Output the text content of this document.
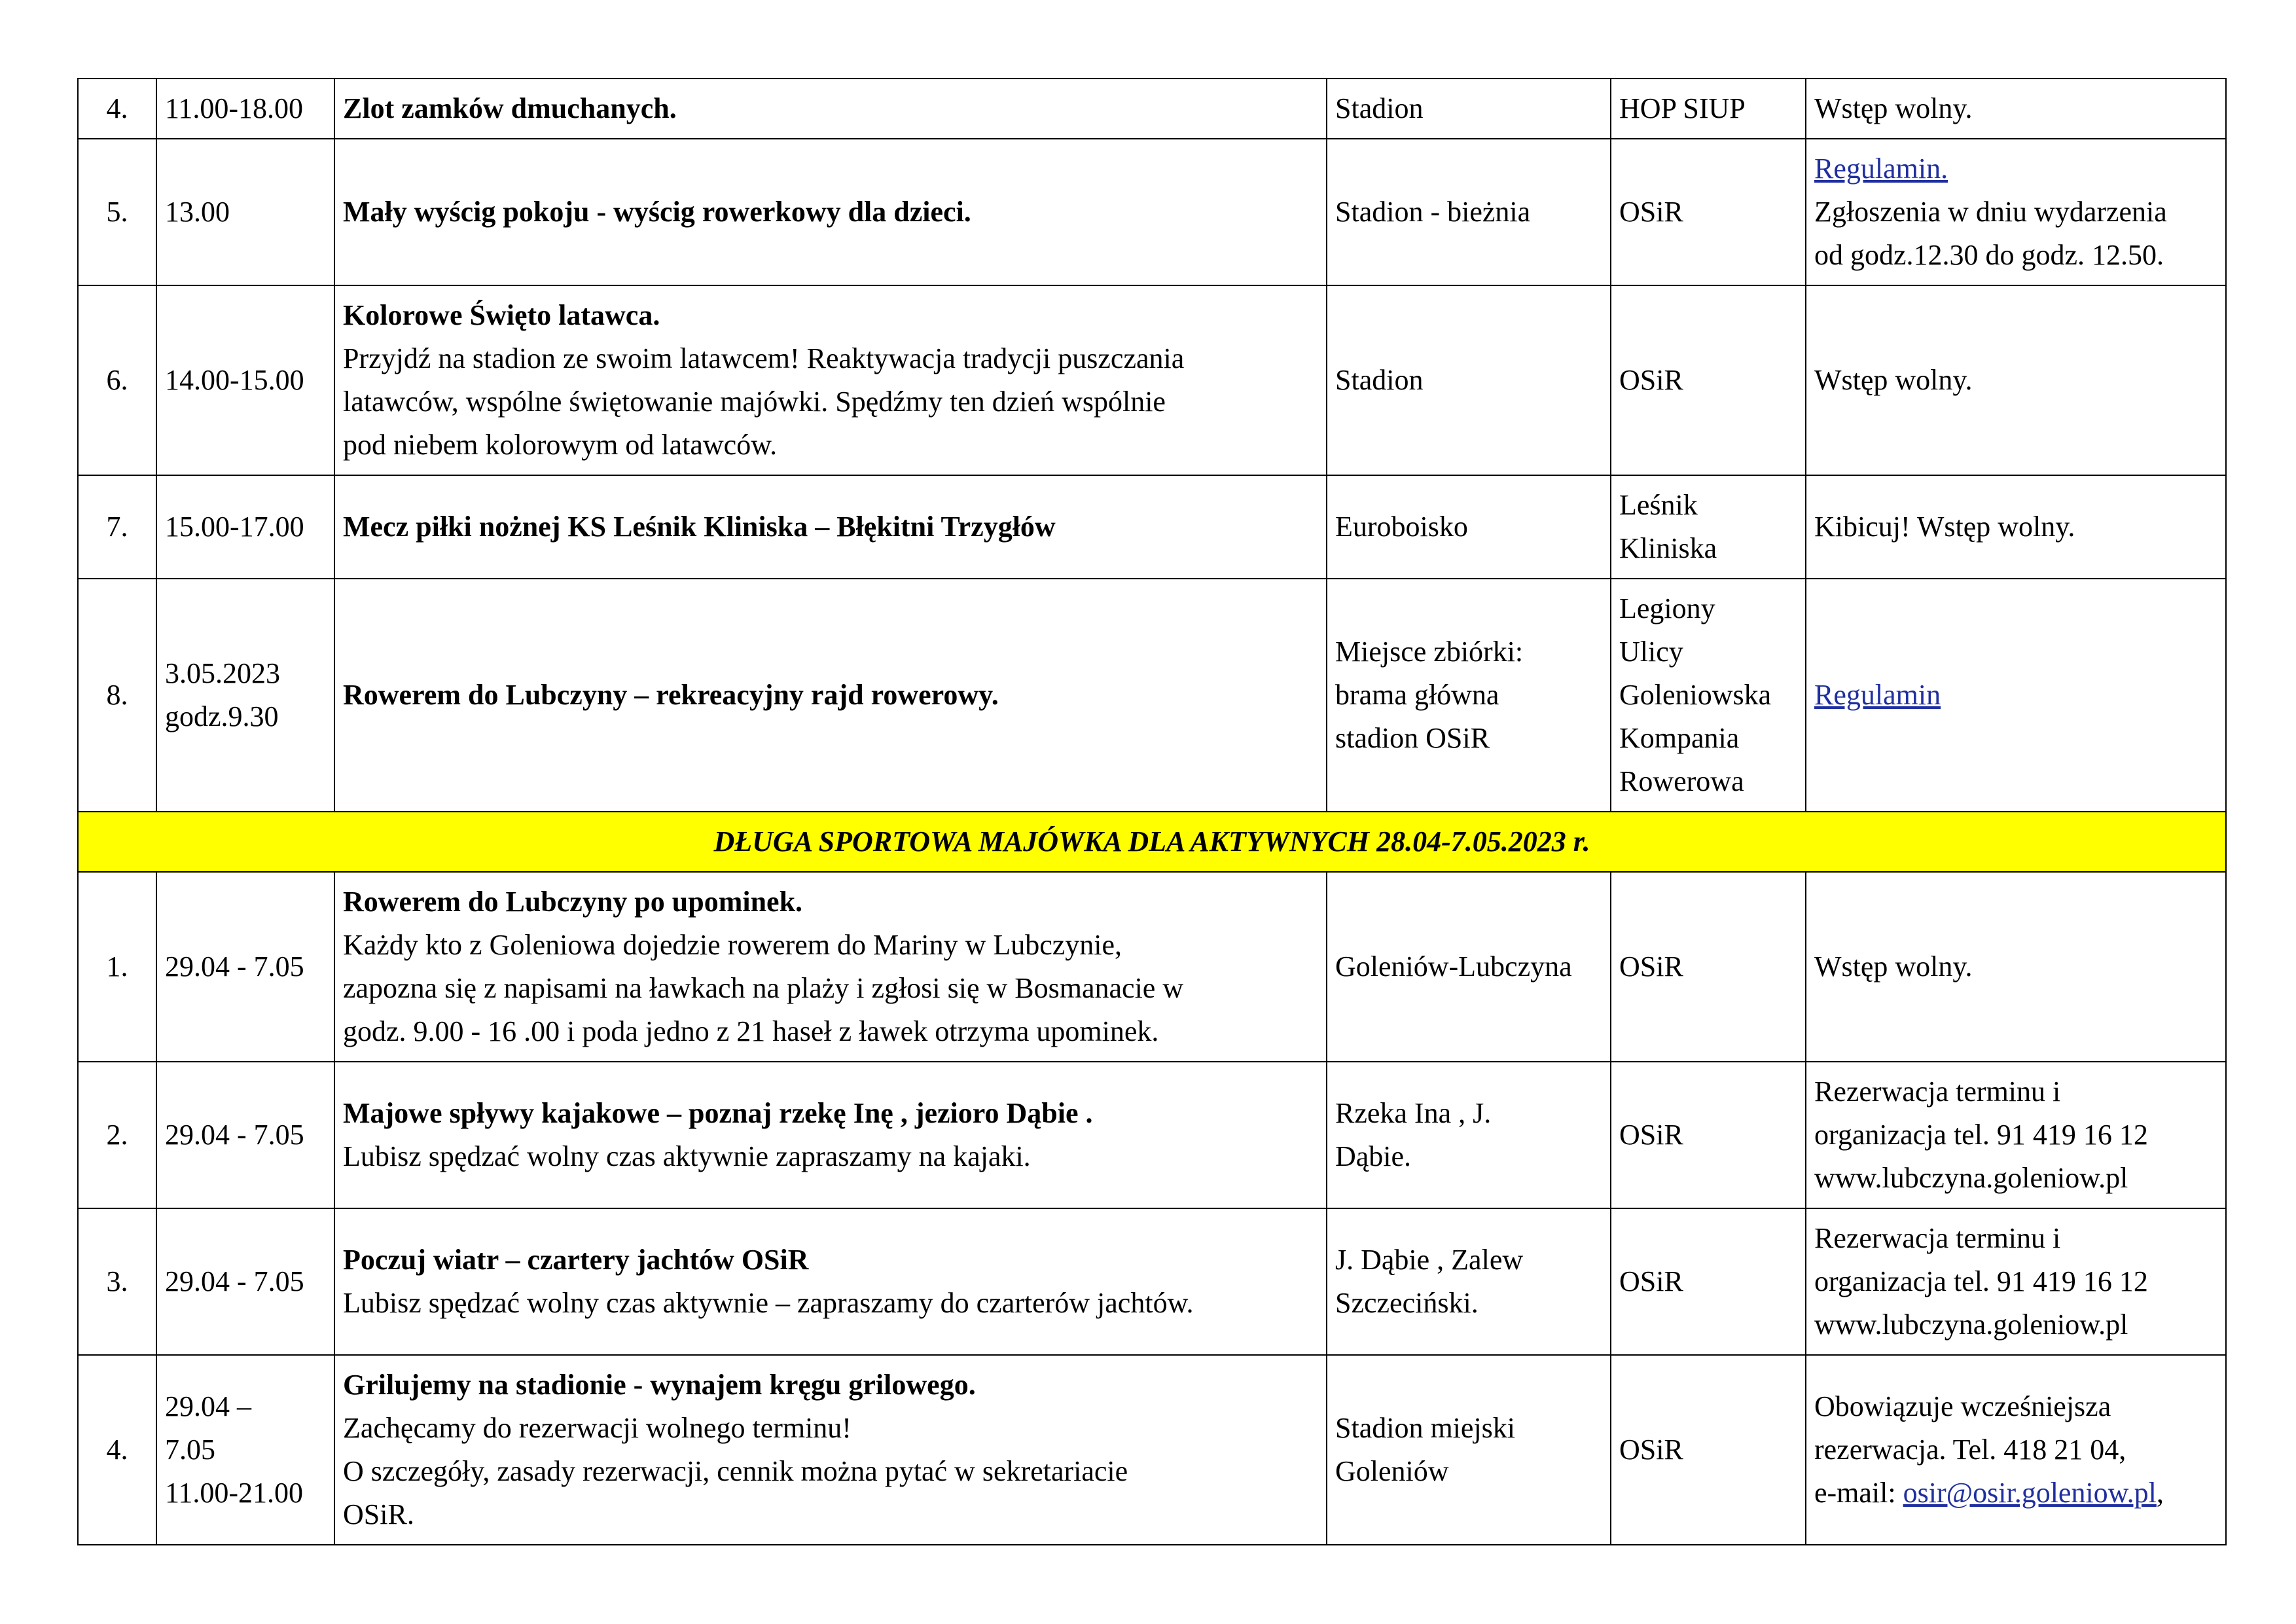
4.	11.00-18.00	Zlot zamków dmuchanych.	Stadion	HOP SIUP	Wstęp wolny.

5.	13.00	Mały wyścig pokoju - wyścig rowerkowy dla dzieci.	Stadion - bieżnia	OSiR	Regulamin.
Zgłoszenia w dniu wydarzenia
od godz.12.30 do godz. 12.50.

6.	14.00-15.00	Kolorowe Święto latawca.
Przyjdź na stadion ze swoim latawcem! Reaktywacja tradycji puszczania
latawców, wspólne świętowanie majówki. Spędźmy ten dzień wspólnie
pod niebem kolorowym od latawców.	Stadion	OSiR	Wstęp wolny.

7.	15.00-17.00	Mecz piłki nożnej KS Leśnik Kliniska – Błękitni Trzygłów	Euroboisko	Leśnik
Kliniska	Kibicuj! Wstęp wolny.

8.	3.05.2023
godz.9.30	Rowerem do Lubczyny – rekreacyjny rajd rowerowy.	Miejsce zbiórki:
brama główna
stadion OSiR	Legiony
Ulicy
Goleniowska
Kompania
Rowerowa	Regulamin

DŁUGA SPORTOWA MAJÓWKA DLA AKTYWNYCH 28.04-7.05.2023 r.					
1.	29.04 - 7.05	Rowerem do Lubczyny po upominek.
Każdy kto z Goleniowa dojedzie rowerem do Mariny w Lubczynie,
zapozna się z napisami na ławkach na plaży i zgłosi się w Bosmanacie w
godz. 9.00 - 16 .00 i poda jedno z 21 haseł z ławek otrzyma upominek.	Goleniów-Lubczyna	OSiR	Wstęp wolny.

2.	29.04 - 7.05	Majowe spływy kajakowe – poznaj rzekę Inę , jezioro Dąbie .
Lubisz spędzać wolny czas aktywnie zapraszamy na kajaki.	Rzeka Ina , J.
Dąbie.	OSiR	Rezerwacja terminu i
organizacja tel. 91 419 16 12
www.lubczyna.goleniow.pl

3.	29.04 - 7.05	Poczuj wiatr – czartery jachtów OSiR
Lubisz spędzać wolny czas aktywnie – zapraszamy do czarterów jachtów.	J. Dąbie , Zalew
Szczeciński.	OSiR	Rezerwacja terminu i
organizacja tel. 91 419 16 12
www.lubczyna.goleniow.pl

4.	29.04 –
7.05
11.00-21.00	Grilujemy na stadionie - wynajem kręgu grilowego.
Zachęcamy do rezerwacji wolnego terminu!
O szczegóły, zasady rezerwacji, cennik można pytać w sekretariacie
OSiR.	Stadion miejski
Goleniów	OSiR	Obowiązuje wcześniejsza
rezerwacja. Tel. 418 21 04,
e-mail: osir@osir.goleniow.pl,
